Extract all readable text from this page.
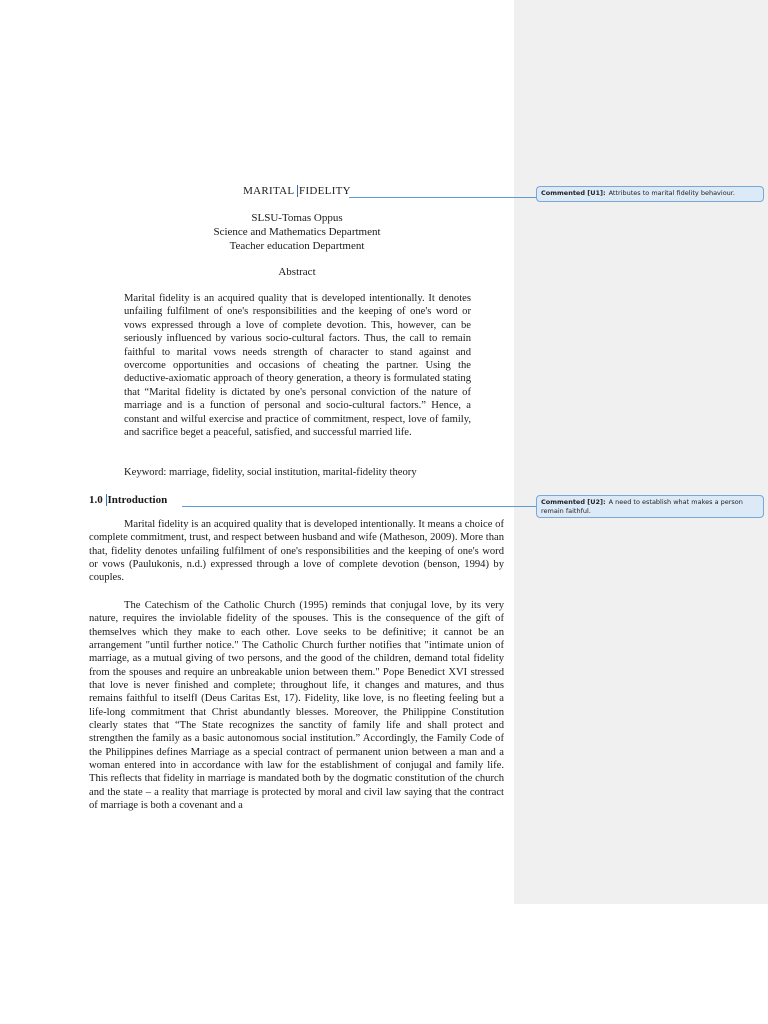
MARITAL FIDELITY
SLSU-Tomas Oppus
Science and Mathematics Department
Teacher education Department
Abstract

Marital fidelity is an acquired quality that is developed intentionally. It denotes unfailing fulfilment of one's responsibilities and the keeping of one's word or vows expressed through a love of complete devotion. This, however, can be seriously influenced by various socio-cultural factors. Thus, the call to remain faithful to marital vows needs strength of character to stand against and overcome opportunities and occasions of cheating the partner. Using the deductive-axiomatic approach of theory generation, a theory is formulated stating that “Marital fidelity is dictated by one's personal conviction of the nature of marriage and is a function of personal and socio-cultural factors.” Hence, a constant and wilful exercise and practice of commitment, respect, love of family, and sacrifice beget a peaceful, satisfied, and successful married life.

Keyword: marriage, fidelity, social institution, marital-fidelity theory

1.0 Introduction

Marital fidelity is an acquired quality that is developed intentionally. It means a choice of complete commitment, trust, and respect between husband and wife (Matheson, 2009). More than that, fidelity denotes unfailing fulfilment of one's responsibilities and the keeping of one's word or vows (Paulukonis, n.d.) expressed through a love of complete devotion (benson, 1994) by couples.

The Catechism of the Catholic Church (1995) reminds that conjugal love, by its very nature, requires the inviolable fidelity of the spouses. This is the consequence of the gift of themselves which they make to each other. Love seeks to be definitive; it cannot be an arrangement "until further notice." The Catholic Church further notifies that "intimate union of marriage, as a mutual giving of two persons, and the good of the children, demand total fidelity from the spouses and require an unbreakable union between them." Pope Benedict XVI stressed that love is never finished and complete; throughout life, it changes and matures, and thus remains faithful to itself‖ (Deus Caritas Est, 17). Fidelity, like love, is no fleeting feeling but a life-long commitment that Christ abundantly blesses. Moreover, the Philippine Constitution clearly states that “The State recognizes the sanctity of family life and shall protect and strengthen the family as a basic autonomous social institution.” Accordingly, the Family Code of the Philippines defines Marriage as a special contract of permanent union between a man and a woman entered into in accordance with law for the establishment of conjugal and family life. This reflects that fidelity in marriage is mandated both by the dogmatic constitution of the church and the state – a reality that marriage is protected by moral and civil law saying that the contract of marriage is both a covenant and a

Commented [U1]: Attributes to marital fidelity behaviour.
Commented [U2]: A need to establish what makes a person remain faithful.
